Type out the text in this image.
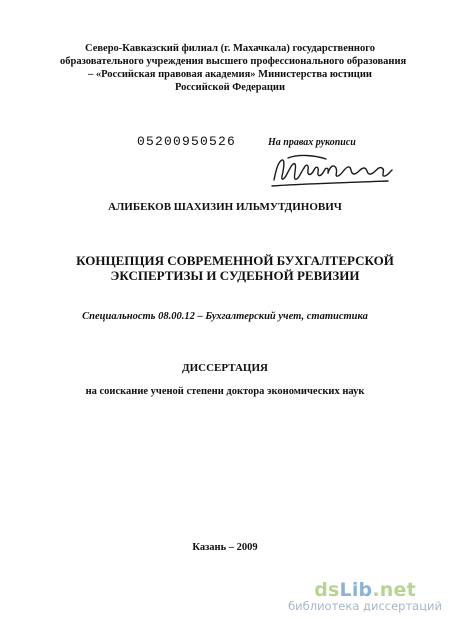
Северо-Кавказский филиал (г. Махачкала) государственного
образовательного учреждения высшего профессионального образования
– «Российская правовая академия» Министерства юстиции
Российской Федерации
05200950526	На правах рукописи
АЛИБЕКОВ ШАХИЗИН ИЛЬМУТДИНОВИЧ
КОНЦЕПЦИЯ СОВРЕМЕННОЙ БУХГАЛТЕРСКОЙ
ЭКСПЕРТИЗЫ И СУДЕБНОЙ РЕВИЗИИ
Специальность 08.00.12 – Бухгалтерский учет, статистика
ДИССЕРТАЦИЯ
на соискание ученой степени доктора экономических наук
Казань – 2009
dsLib.net
библиотека диссертаций
